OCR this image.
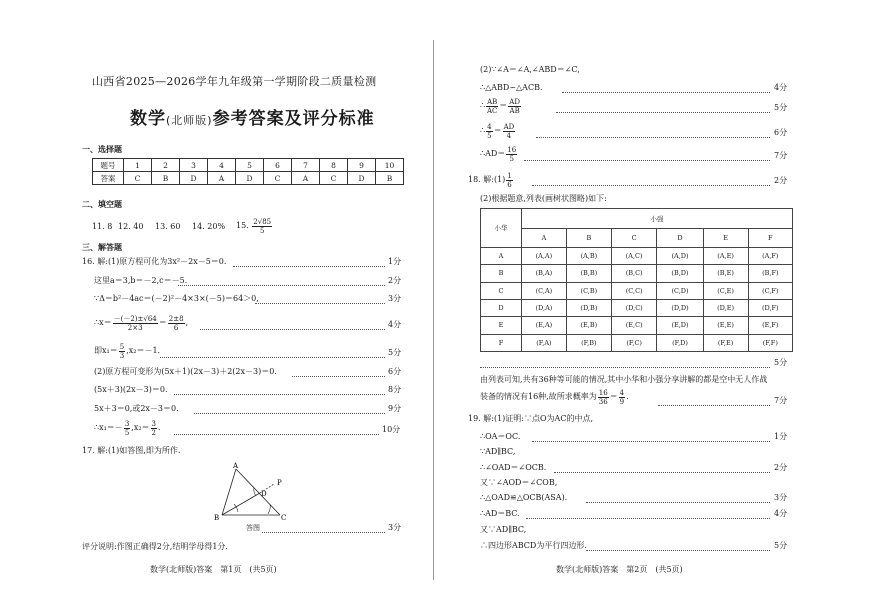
山西省2025—2026学年九年级第一学期阶段二质量检测
数学(北师版)参考答案及评分标准
一、选择题
题号	1	2	3	4	5	6	7	8	9	10
答案	C	B	D	A	D	C	A	C	D	B
二、填空题
11. 8 12. 40 13. 60 14. 20% 15. $\frac{2√85}{5}$
三、解答题
16. 解:(1)原方程可化为3x²－2x－5＝0.
这里a＝3,b＝－2,c＝－5.
∵Δ＝b²－4ac＝(－2)²－4×3×(－5)＝64＞0,
∴x＝ $\frac{-(-2)\pm√64}{2\times 3} = \frac{2\pm 8}{6}$ ,
即$x_1= \frac{5}{3} ,x_2=-1$.
(2)原方程可变形为(5x＋1)(2x－3)＋2(2x－3)＝0.
(5x＋3)(2x－3)＝0.
5x＋3＝0,或2x－3＝0.
∴x₁＝－ $\frac{3}{5} ,x_2= \frac{3}{2}$ .
1分
2分
3分
4分
5分
6分
8分
9分
10分
17. 解:(1)如答图,即为所作.
A
B	C
D
P
答图	3分
评分说明:作图正确得2分,结明学母得1分.
数学(北师版)答案　第1页　(共5页)
(2)∵∠A＝∠A,∠ABD＝∠C,
∴△ABD∽△ACB.
∴ $\frac{AB}{AC} = \frac{AD}{AB}$
∴ $\frac{4}{5} = \frac{AD}{4}$
∴AD＝ $\frac{16}{5}$
4分
5分
6分
7分
18. 解:(1) $\frac{1}{6}$	2分
(2)根据题意,列表(画树状图略)如下:
小华	小强					
	A	B	C	D	E	F
A	(A,A)	(A,B)	(A,C)	(A,D)	(A,E)	(A,F)
B	(B,A)	(B,B)	(B,C)	(B,D)	(B,E)	(B,F)
C	(C,A)	(C,B)	(C,C)	(C,D)	(C,E)	(C,F)
D	(D,A)	(D,B)	(D,C)	(D,D)	(D,E)	(D,F)
E	(E,A)	(E,B)	(E,C)	(E,D)	(E,E)	(E,F)
F	(F,A)	(F,B)	(F,C)	(F,D)	(F,E)	(F,F)
5分
由列表可知,共有36种等可能的情况,其中小华和小强分享讲解的都是空中无人作战
装备的情况有16种,故所求概率为 $\frac{16}{36} = \frac{4}{9}$ .	7分
19. 解:(1)证明:∵点O为AC的中点,
∴OA＝OC.
∵AD∥BC,
∴∠OAD＝∠OCB.
又∵∠AOD＝∠COB,
∴△OAD≌△OCB(ASA).
∴AD＝BC.
又∵AD∥BC,
∴四边形ABCD为平行四边形.
1分
2分
3分
4分
5分
数学(北师版)答案　第2页　(共5页)
